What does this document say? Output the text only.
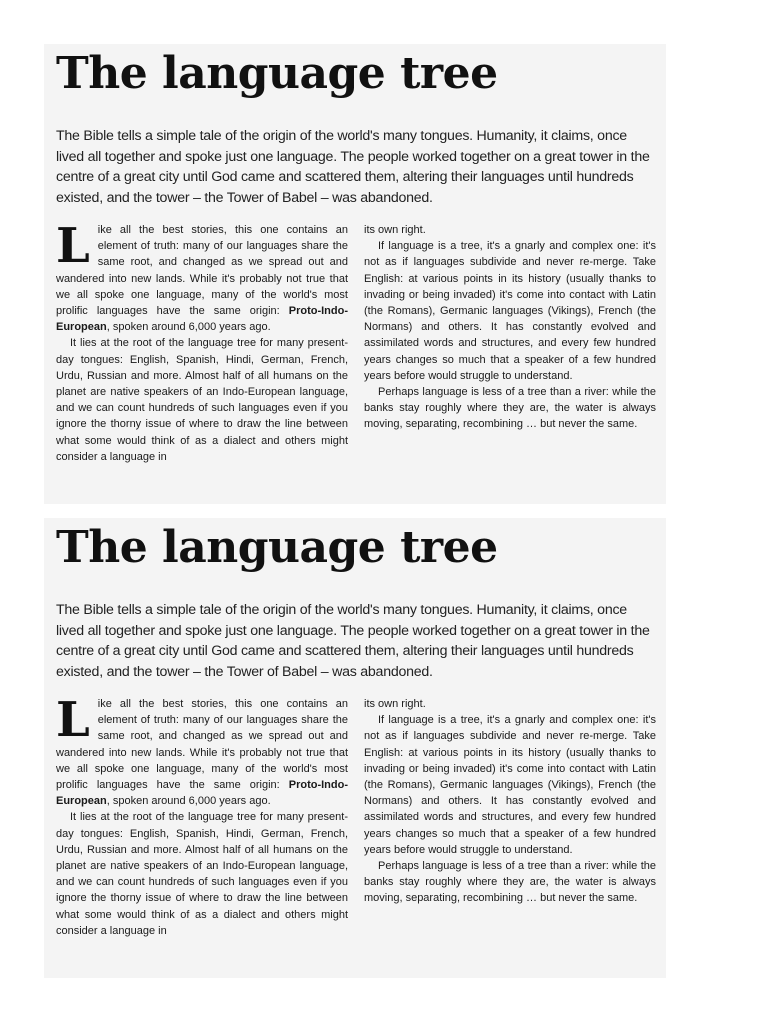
The language tree

The Bible tells a simple tale of the origin of the world's many tongues. Humanity, it claims, once lived all together and spoke just one language. The people worked together on a great tower in the centre of a great city until God came and scattered them, altering their languages until hundreds existed, and the tower – the Tower of Babel – was abandoned.

Like all the best stories, this one contains an element of truth: many of our languages share the same root, and changed as we spread out and wandered into new lands. While it's probably not true that we all spoke one language, many of the world's most prolific languages have the same origin: Proto-Indo-European, spoken around 6,000 years ago.

It lies at the root of the language tree for many present-day tongues: English, Spanish, Hindi, German, French, Urdu, Russian and more. Almost half of all humans on the planet are native speakers of an Indo-European language, and we can count hundreds of such languages even if you ignore the thorny issue of where to draw the line between what some would think of as a dialect and others might consider a language in

its own right.

If language is a tree, it's a gnarly and complex one: it's not as if languages subdivide and never re-merge. Take English: at various points in its history (usually thanks to invading or being invaded) it's come into contact with Latin (the Romans), Germanic languages (Vikings), French (the Normans) and others. It has constantly evolved and assimilated words and structures, and every few hundred years changes so much that a speaker of a few hundred years before would struggle to understand.

Perhaps language is less of a tree than a river: while the banks stay roughly where they are, the water is always moving, separating, recombining … but never the same.

The language tree

The Bible tells a simple tale of the origin of the world's many tongues. Humanity, it claims, once lived all together and spoke just one language. The people worked together on a great tower in the centre of a great city until God came and scattered them, altering their languages until hundreds existed, and the tower – the Tower of Babel – was abandoned.

Like all the best stories, this one contains an element of truth: many of our languages share the same root, and changed as we spread out and wandered into new lands. While it's probably not true that we all spoke one language, many of the world's most prolific languages have the same origin: Proto-Indo-European, spoken around 6,000 years ago.

It lies at the root of the language tree for many present-day tongues: English, Spanish, Hindi, German, French, Urdu, Russian and more. Almost half of all humans on the planet are native speakers of an Indo-European language, and we can count hundreds of such languages even if you ignore the thorny issue of where to draw the line between what some would think of as a dialect and others might consider a language in

its own right.

If language is a tree, it's a gnarly and complex one: it's not as if languages subdivide and never re-merge. Take English: at various points in its history (usually thanks to invading or being invaded) it's come into contact with Latin (the Romans), Germanic languages (Vikings), French (the Normans) and others. It has constantly evolved and assimilated words and structures, and every few hundred years changes so much that a speaker of a few hundred years before would struggle to understand.

Perhaps language is less of a tree than a river: while the banks stay roughly where they are, the water is always moving, separating, recombining … but never the same.
